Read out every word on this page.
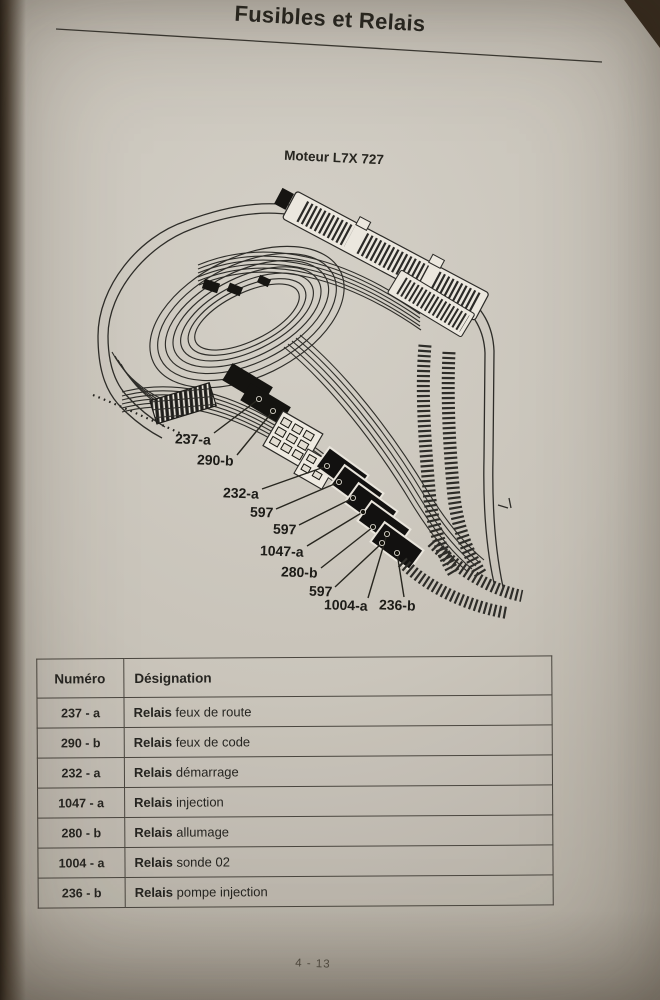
Fusibles et Relais
Moteur L7X 727
237-a
290-b
232-a
597
597
1047-a
280-b
597
1004-a 236-b
Numéro	Désignation
237 - a	Relais feux de route
290 - b	Relais feux de code
232 - a	Relais démarrage
1047 - a	Relais injection
280 - b	Relais allumage
1004 - a	Relais sonde 02
236 - b	Relais pompe injection
4 - 13
